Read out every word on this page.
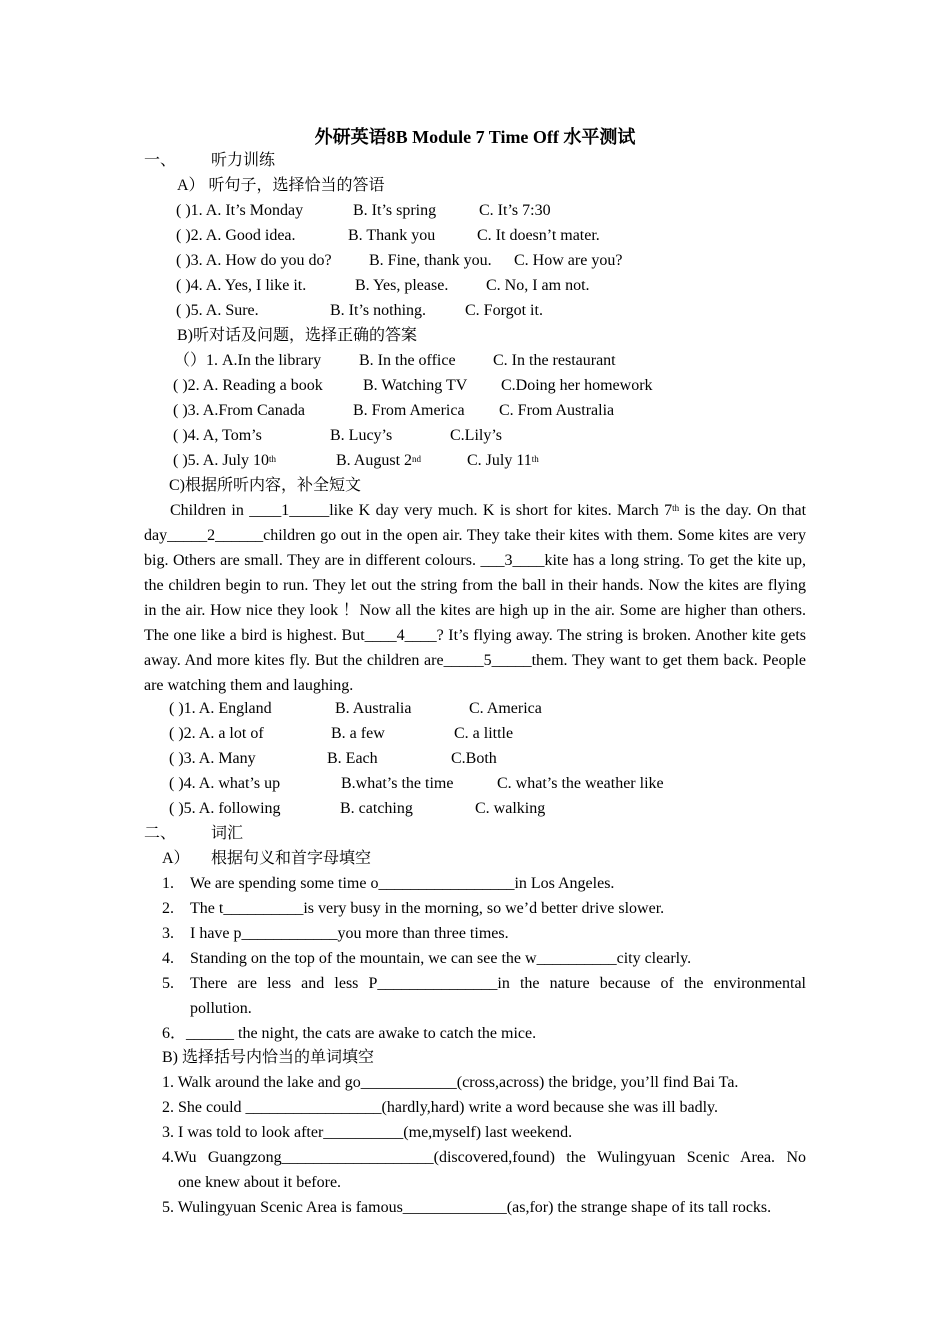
外研英语8B Module 7 Time Off 水平测试
一、 听力训练
A） 听句子，选择恰当的答语
( )1. A. It’s Monday	B. It’s spring	C. It’s 7:30
( )2. A. Good idea.	B. Thank you	C. It doesn’t mater.
( )3. A. How do you do? B. Fine, thank you. C. How are you?
( )4. A. Yes, I like it.	B. Yes, please. C. No, I am not.
( )5. A. Sure.	B. It’s nothing. C. Forgot it.
B)听对话及问题，选择正确的答案
（）1. A.In the library B. In the office C. In the restaurant
( )2. A. Reading a book	B. Watching TV C.Doing her homework
( )3. A.From Canada	B. From America C. From Australia
( )4. A, Tom’s	B. Lucy’s	C.Lily’s
( )5. A. July 10th	B. August 2nd	C. July 11th
C)根据所听内容，补全短文
Children in ____1_____like K day very much. K is short for kites. March 7th is the day. On that day_____2______children go out in the open air. They take their kites with them. Some kites are very big. Others are small. They are in different colours. ___3____kite has a long string. To get the kite up, the children begin to run. They let out the string from the ball in their hands. Now the kites are flying in the air. How nice they look ！Now all the kites are high up in the air. Some are higher than others. The one like a bird is highest. But____4____? It’s flying away. The string is broken. Another kite gets away. And more kites fly. But the children are_____5_____them. They want to get them back. People are watching them and laughing.
( )1. A. England	B. Australia	C. America
( )2. A. a lot of	B. a few	C. a little
( )3. A. Many	B. Each	C.Both
( )4. A. what’s up	B.what’s the time	C. what’s the weather like
( )5. A. following	B. catching	C. walking
二、 词汇
A） 根据句义和首字母填空
1. We are spending some time o_________________in Los Angeles.
2. The t__________is very busy in the morning, so we’d better drive slower.
3. I have p____________you more than three times.
4. Standing on the top of the mountain, we can see the w__________city clearly.
5. There are less and less P_______________in the nature because of the environmental
pollution.
6．______ the night, the cats are awake to catch the mice.
B) 选择括号内恰当的单词填空
1. Walk around the lake and go____________(cross,across) the bridge, you’ll find Bai Ta.
2. She could _________________(hardly,hard) write a word because she was ill badly.
3. I was told to look after__________(me,myself) last weekend.
4.Wu Guangzong___________________(discovered,found) the Wulingyuan Scenic Area. No
one knew about it before.
5. Wulingyuan Scenic Area is famous_____________(as,for) the strange shape of its tall rocks.
